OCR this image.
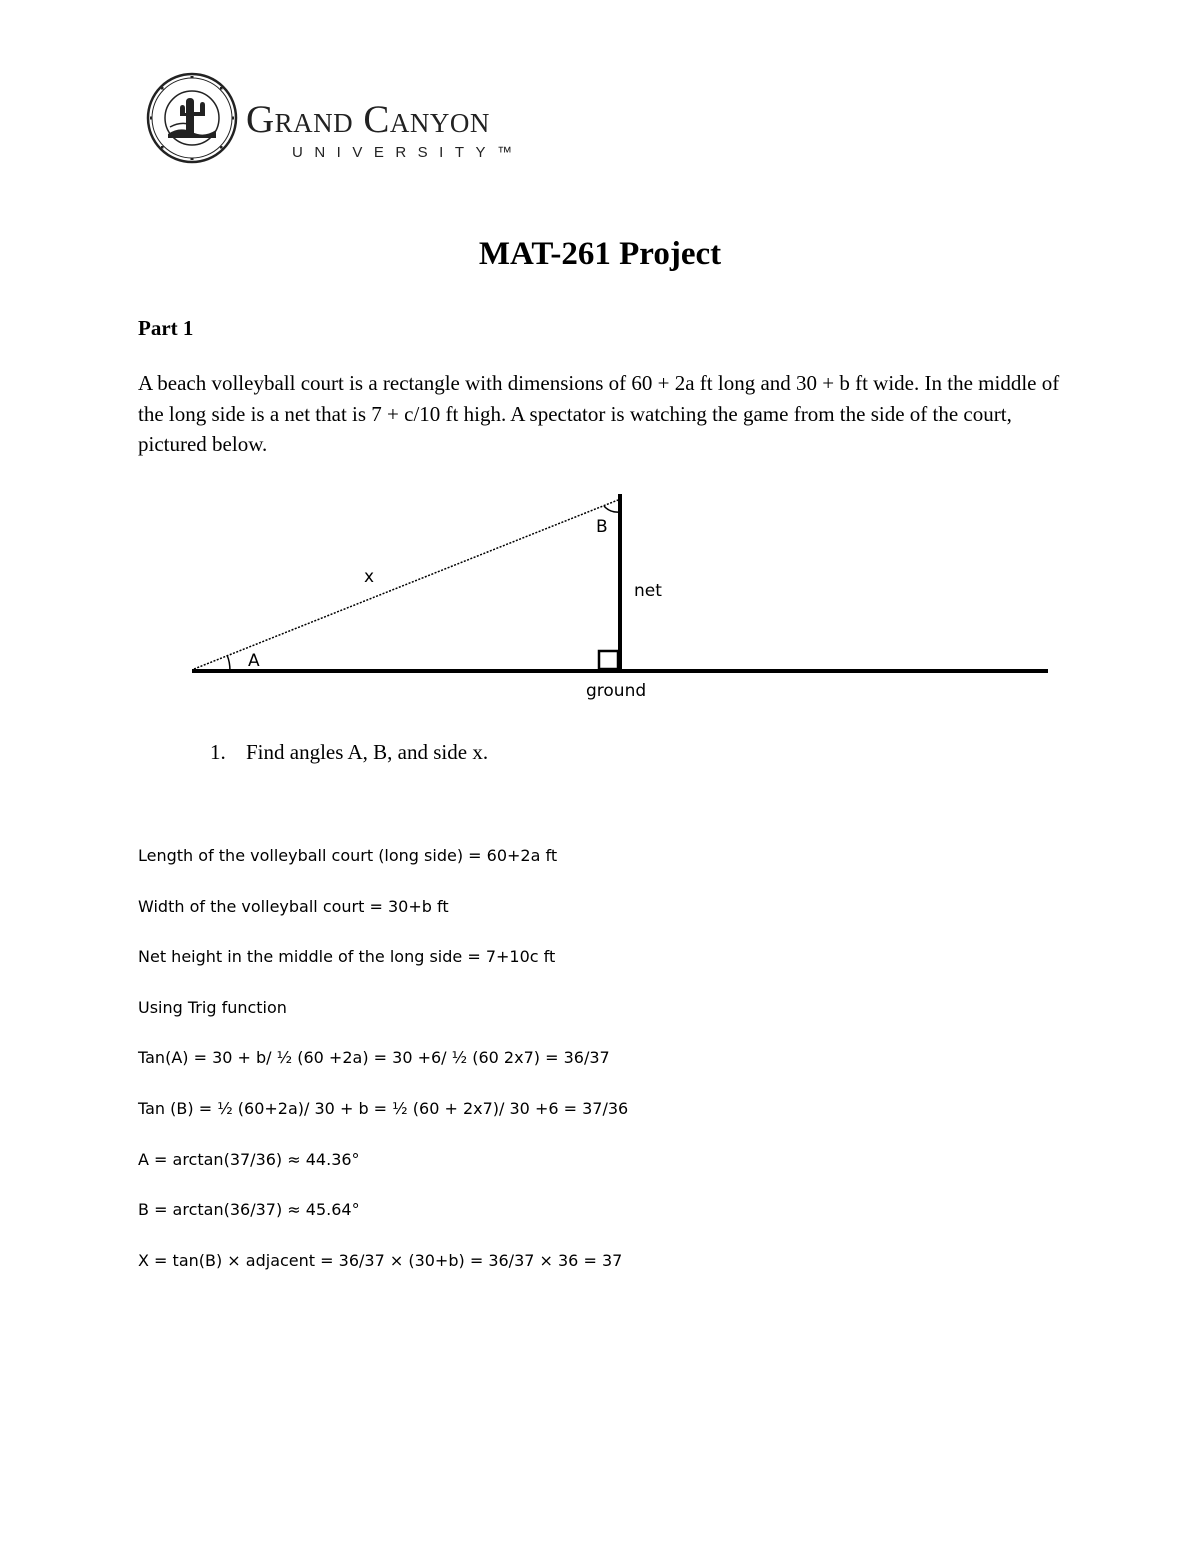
Grand Canyon
UNIVERSITY™
MAT-261 Project
Part 1
A beach volleyball court is a rectangle with dimensions of 60 + 2a ft long and 30 + b ft wide. In the middle of the long side is a net that is 7 + c/10 ft high. A spectator is watching the game from the side of the court, pictured below.
x
A
B
net
ground
1. Find angles A, B, and side x.
Length of the volleyball court (long side) = 60+2a ft
Width of the volleyball court = 30+b ft
Net height in the middle of the long side = 7+10c ft
Using Trig function
Tan(A) = 30 + b/ ½ (60 +2a) = 30 +6/ ½ (60 2x7) = 36/37
Tan (B) = ½ (60+2a)/ 30 + b = ½ (60 + 2x7)/ 30 +6 = 37/36
A = arctan(37/36) ≈ 44.36°
B = arctan(36/37) ≈ 45.64°
X = tan(B) × adjacent = 36/37 × (30+b) = 36/37 × 36 = 37
